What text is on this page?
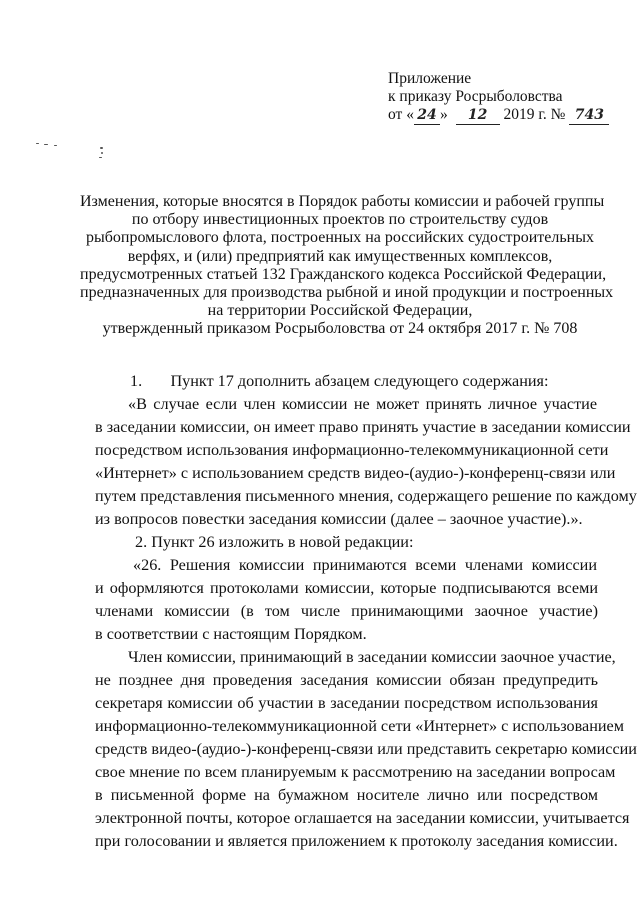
Приложение
к приказу Росрыболовства
от « 24 » 12 2019 г. № 743
Изменения, которые вносятся в Порядок работы комиссии и рабочей группы
по отбору инвестиционных проектов по строительству судов
рыбопромыслового флота, построенных на российских судостроительных
верфях, и (или) предприятий как имущественных комплексов,
предусмотренных статьей 132 Гражданского кодекса Российской Федерации,
предназначенных для производства рыбной и иной продукции и построенных
на территории Российской Федерации,
утвержденный приказом Росрыболовства от 24 октября 2017 г. № 708
1.       Пункт 17 дополнить абзацем следующего содержания:
«В случае если член комиссии не может принять личное участие
в заседании комиссии, он имеет право принять участие в заседании комиссии
посредством использования информационно-телекоммуникационной сети
«Интернет» с использованием средств видео-(аудио-)-конференц-связи или
путем представления письменного мнения, содержащего решение по каждому
из вопросов повестки заседания комиссии (далее – заочное участие).».
2. Пункт 26 изложить в новой редакции:
«26. Решения комиссии принимаются всеми членами комиссии
и оформляются протоколами комиссии, которые подписываются всеми
членами комиссии (в том числе принимающими заочное участие)
в соответствии с настоящим Порядком.
Член комиссии, принимающий в заседании комиссии заочное участие,
не позднее дня проведения заседания комиссии обязан предупредить
секретаря комиссии об участии в заседании посредством использования
информационно-телекоммуникационной сети «Интернет» с использованием
средств видео-(аудио-)-конференц-связи или представить секретарю комиссии
свое мнение по всем планируемым к рассмотрению на заседании вопросам
в письменной форме на бумажном носителе лично или посредством
электронной почты, которое оглашается на заседании комиссии, учитывается
при голосовании и является приложением к протоколу заседания комиссии.
